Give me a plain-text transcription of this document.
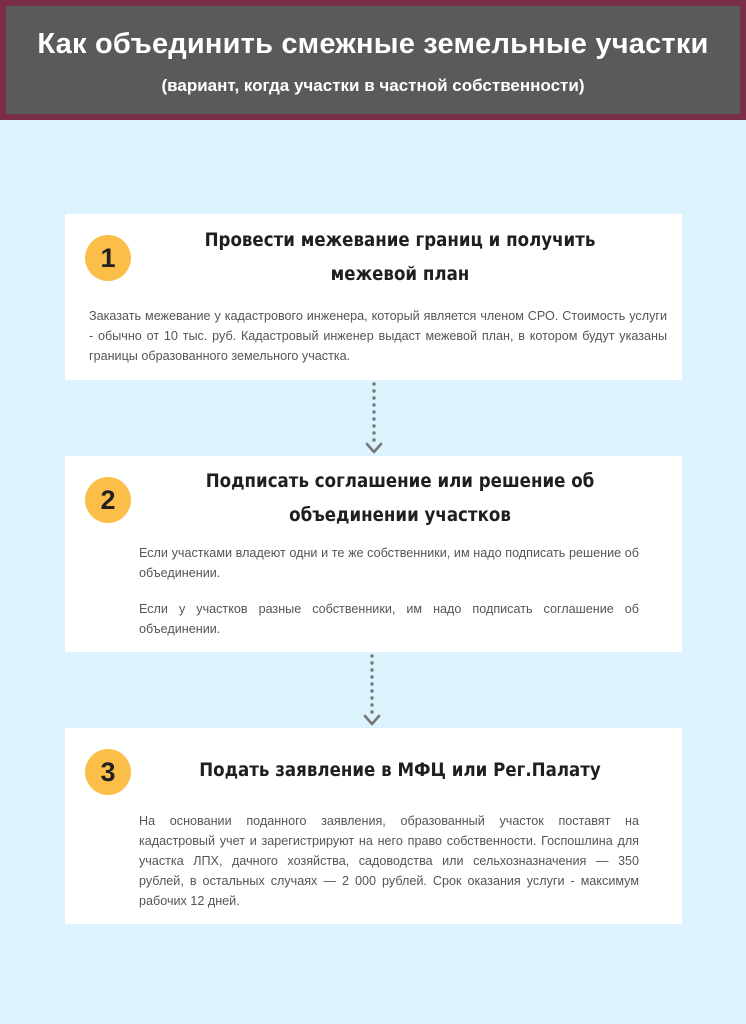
Как объединить смежные земельные участки
(вариант, когда участки в частной собственности)
1
Провести межевание границ и получить
межевой план
Заказать межевание у кадастрового инженера, который является членом СРО. Стоимость услуги - обычно от 10 тыс. руб. Кадастровый инженер выдаст межевой план, в котором будут указаны границы образованного земельного участка.
2
Подписать соглашение или решение об
объединении участков
Если участками владеют одни и те же собственники, им надо подписать решение об объединении.
Если у участков разные собственники, им надо подписать соглашение об объединении.
3	Подать заявление в МФЦ или Рег.Палату
На основании поданного заявления, образованный участок поставят на кадастровый учет и зарегистрируют на него право собственности. Госпошлина для участка ЛПХ, дачного хозяйства, садоводства или сельхозназначения — 350 рублей, в остальных случаях — 2 000 рублей. Срок оказания услуги - максимум рабочих 12 дней.
